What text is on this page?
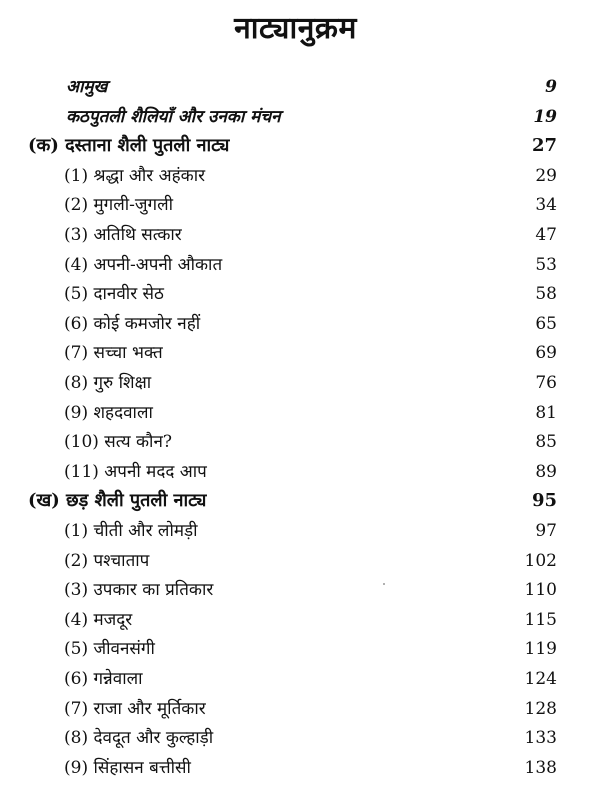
नाट्यानुक्रम
आमुख	9
कठपुतली शैलियाँ और उनका मंचन	19
(क) दस्ताना शैली पुतली नाट्य	27
(1) श्रद्धा और अहंकार	29
(2) मुगली-जुगली	34
(3) अतिथि सत्कार	47
(4) अपनी-अपनी औकात	53
(5) दानवीर सेठ	58
(6) कोई कमजोर नहीं	65
(7) सच्चा भक्त	69
(8) गुरु शिक्षा	76
(9) शहदवाला	81
(10) सत्य कौन?	85
(11) अपनी मदद आप	89
(ख) छड़ शैली पुतली नाट्य	95
(1) चीती और लोमड़ी	97
(2) पश्चाताप	102
(3) उपकार का प्रतिकार	110
(4) मजदूर	115
(5) जीवनसंगी	119
(6) गन्नेवाला	124
(7) राजा और मूर्तिकार	128
(8) देवदूत और कुल्हाड़ी	133
(9) सिंहासन बत्तीसी	138
